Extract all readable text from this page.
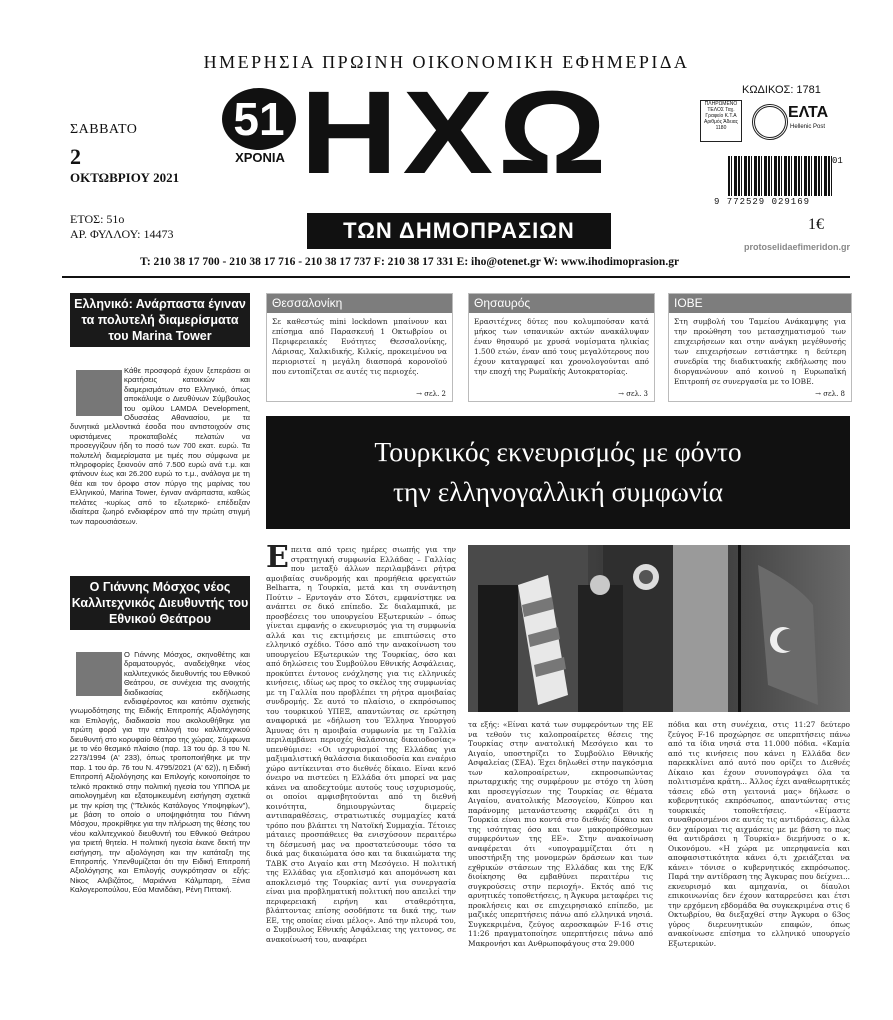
ΗΜΕΡΗΣΙΑ ΠΡΩΙΝΗ ΟΙΚΟΝΟΜΙΚΗ ΕΦΗΜΕΡΙΔΑ
ΣΑΒΒΑΤΟ
2
ΟΚΤΩΒΡΙΟΥ 2021
ΕΤΟΣ: 51ο
ΑΡ. ΦΥΛΛΟΥ: 14473
51
ΧΡΟΝΙΑ ΗΧΩ
ΤΩΝ ΔΗΜΟΠΡΑΣΙΩΝ
ΚΩΔΙΚΟΣ: 1781
ΠΛΗΡΩΜΕΝΟ ΤΕΛΟΣ Ταχ. Γραφείο Κ.Τ.Α Αριθμός Άδειας 1180
ΕΛΤΑ
Hellenic Post
01
9 772529 029169
1€
protoselidaefimeridon.gr
T: 210 38 17 700 - 210 38 17 716 - 210 38 17 737 F: 210 38 17 331 E: iho@otenet.gr W: www.ihodimoprasion.gr
Ελληνικό: Ανάρπαστα έγιναν τα πολυτελή διαμερίσματα του Marina Tower
Κάθε προσφορά έχουν ξεπεράσει οι κρατήσεις κατοικιών και διαμερισμάτων στο Ελληνικό, όπως αποκάλυψε ο Διευθύνων Σύμβουλος του ομίλου LAMDA Development, Οδυσσέας Αθανασίου, με τα δυνητικά μελλοντικά έσοδα που αντιστοιχούν στις υφιστάμενες προκαταβολές πελατών να προσεγγίζουν ήδη το ποσό των 700 εκατ. ευρώ. Τα πολυτελή διαμερίσματα με τιμές που σύμφωνα με πληροφορίες ξεκινούν από 7.500 ευρώ ανά τ.μ. και φτάνουν έως και 26.200 ευρώ το τ.μ., ανάλογα με τη θέα και τον όροφο στον πύργο της μαρίνας του Ελληνικού, Marina Tower, έγιναν ανάρπαστα, καθώς πελάτες -κυρίως από το εξωτερικό- επέδειξαν ιδιαίτερα ζωηρό ενδιαφέρον από την πρώτη στιγμή των παρουσιάσεων.
Ο Γιάννης Μόσχος νέος Καλλιτεχνικός Διευθυντής του Εθνικού Θεάτρου
Ο Γιάννης Μόσχος, σκηνοθέτης και δραματουργός, αναδείχθηκε νέος καλλιτεχνικός διευθυντής του Εθνικού Θεάτρου, σε συνέχεια της ανοιχτής διαδικασίας εκδήλωσης ενδιαφέροντος και κατόπιν σχετικής γνωμοδότησης της Ειδικής Επιτροπής Αξιολόγησης και Επιλογής, διαδικασία που ακολουθήθηκε για πρώτη φορά για την επιλογή του καλλιτεχνικού διευθυντή στο κορυφαίο θέατρο της χώρας. Σύμφωνα με το νέο θεσμικό πλαίσιο (παρ. 13 του άρ. 3 του Ν. 2273/1994 (Α' 233), όπως τροποποιήθηκε με την παρ. 1 του άρ. 76 του Ν. 4795/2021 (Α' 62)), η Ειδική Επιτροπή Αξιολόγησης και Επιλογής κοινοποίησε το τελικό πρακτικό στην πολιτική ηγεσία του ΥΠΠΟΑ με αιτιολογημένη και εξατομικευμένη εισήγηση σχετικά με την κρίση της ("Τελικός Κατάλογος Υποψηφίων"), με βάση το οποίο ο υποψηφιότητα του Γιάννη Μόσχου, προκρίθηκε για την πλήρωση της θέσης του νέου καλλιτεχνικού διευθυντή του Εθνικού Θεάτρου για τριετή θητεία. Η πολιτική ηγεσία έκανε δεκτή την εισήγηση, την αξιολόγηση και την κατάταξη της Επιτροπής. Υπενθυμίζεται ότι την Ειδική Επιτροπή Αξιολόγησης και Επιλογής συγκρότησαν οι εξής: Νίκος Αλιβιζάτος, Μαριάννα Κάλμπαρη, Ξένια Καλογεροπούλου, Εύα Μανιδάκη, Ρένη Πιττακή.
Θεσσαλονίκη
Σε καθεστώς mini lockdown μπαίνουν και επίσημα από Παρασκευή 1 Οκτωβρίου οι Περιφερειακές Ενότητες Θεσσαλονίκης, Λάρισας, Χαλκιδικής, Κιλκίς, προκειμένου να περιοριστεί η μεγάλη διασπορά κορονοϊού που εντοπίζεται σε αυτές τις περιοχές.
→ σελ. 2
Θησαυρός
Ερασιτέχνες δύτες που κολυμπούσαν κατά μήκος των ισπανικών ακτών ανακάλυψαν έναν θησαυρό με χρυσά νομίσματα ηλικίας 1.500 ετών, έναν από τους μεγαλύτερους που έχουν καταγραφεί και χρονολογούνται από την εποχή της Ρωμαϊκής Αυτοκρατορίας.
→ σελ. 3
ΙΟΒΕ
Στη συμβολή του Ταμείου Ανάκαμψης για την προώθηση του μετασχηματισμού των επιχειρήσεων και στην ανάγκη μεγέθυνσής των επιχειρήσεων εστιάστηκε η δεύτερη συνεδρία της διαδικτυακής εκδήλωσης που διοργανώνουν από κοινού η Ευρωπαϊκή Επιτροπή σε συνεργασία με το ΙΟΒΕ.
→ σελ. 8
Τουρκικός εκνευρισμός με φόντο
την ελληνογαλλική συμφωνία
Επειτα από τρεις ημέρες σιωπής για την στρατηγική συμφωνία Ελλάδας – Γαλλίας που μεταξύ άλλων περιλαμβάνει ρήτρα αμοιβαίας συνδρομής και προμήθεια φρεγατών Belharra, η Τουρκία, μετά και τη συνάντηση Πούτιν – Ερντογάν στο Σότσι, εμφανίστηκε να ανάπτει σε δικό επίπεδο. Σε διαλαμπικά, με προσβέσεις του υπουργείου Εξωτερικών – όπως γίνεται εμφανής ο εκνευρισμός για τη συμφωνία αλλά και τις εκτιμήσεις με επιπτώσεις στο ελληνικό σχέδιο. Τόσο από την ανακοίνωση του υπουργείου Εξωτερικών της Τουρκίας, όσο και από δηλώσεις του Συμβούλου Εθνικής Ασφάλειας, προκύπτει έντονος ενόχλησης για τις ελληνικές κινήσεις, ιδίως ως προς το σκέλος της συμφωνίας με τη Γαλλία που προβλέπει τη ρήτρα αμοιβαίας συνδρομής. Σε αυτό το πλαίσιο, ο εκπρόσωπος του τουρκικού ΥΠΕΞ, απαντώντας σε ερώτηση αναφορικά με «δήλωση του Έλληνα Υπουργού Άμυνας ότι η αμοιβαία συμφωνία με τη Γαλλία περιλαμβάνει περιοχές θαλάσσιας δικαιοδοσίας» υπενθύμισε: «Οι ισχυρισμοί της Ελλάδας για μαξιμαλιστική θαλάσσια δικαιοδοσία και εναέριο χώρο αντίκεινται στο διεθνές δίκαιο. Είναι κενό όνειρο να πιστεύει η Ελλάδα ότι μπορεί να μας κάνει να αποδεχτούμε αυτούς τους ισχυρισμούς, οι οποίοι αμφισβητούνται από τη διεθνή κοινότητα, δημιουργώντας διμερείς αντιπαραθέσεις, στρατιωτικές συμμαχίες κατά τρόπο που βλάπτει τη Νατοϊκή Συμμαχία. Τέτοιες μάταιες προσπάθειες θα ενισχύσουν περαιτέρω τη δέσμευσή μας να προστατεύσουμε τόσο τα δικά μας δικαιώματα όσο και τα δικαιώματα της ΤΔΒΚ στο Αιγαίο και στη Μεσόγειο. Η πολιτική της Ελλάδας για εξοπλισμό και απομόνωση και αποκλεισμό της Τουρκίας αντί για συνεργασία είναι μια προβληματική πολιτική που απειλεί την περιφερειακή ειρήνη και σταθερότητα, βλάπτοντας επίσης οσοδήποτε τα δικά της, των ΕΕ, της οποίας είναι μέλος». Από την πλευρά του, ο Συμβουλος Εθνικής Ασφάλειας της γειτονος, σε ανακοίνωσή του, αναφέρει
τα εξής: «Είναι κατά των συμφερόντων της ΕΕ να τεθούν τις καλοπροαίρετες θέσεις της Τουρκίας στην ανατολική Μεσόγειο και το Αιγαίο, υποστηρίζει το Συμβούλιο Εθνικής Ασφαλείας (ΣΕΑ). Έχει δηλωθεί στην παγκόσμια των καλοπροαίρετων, εκπροσωπώντας πρωταρχικής της συμφέρουν με στόχο τη λύση και προσεγγίσεων της Τουρκίας σε θέματα Αιγαίου, ανατολικής Μεσογείου, Κύπρου και παράνομης μετανάστευσης εκφράζει ότι η Τουρκία είναι πιο κοντά στο διεθνές δίκαιο και της ισότητας όσο και των μακροπρόθεσμων συμφερόντων της ΕΕ». Στην ανακοίνωση αναφέρεται ότι «υπογραμμίζεται ότι η υποστήριξη της μονομερών δράσεων και των εχθρικών στάσεων της Ελλάδας και της Ε/Κ διοίκησης θα εμβαθύνει περαιτέρω τις συγκρούσεις στην περιοχή». Εκτός από τις αρνητικές τοποθετήσεις, η Άγκυρα μεταφέρει τις προκλήσεις και σε επιχειρησιακό επίπεδο, με μαζικές υπερπτήσεις πάνω από ελληνικά νησιά. Συγκεκριμένα, ζεύγος αεροσκαφών F-16 στις 11:26 πραγματοποίησε υπερπτήσεις πάνω από Μακρονήσι και Ανθρωποφάγους στα 29.000
πόδια και στη συνέχεια, στις 11:27 δεύτερο ζεύγος F-16 προχώρησε σε υπερπτήσεις πάνω από τα ίδια νησιά στα 11.000 πόδια. «Καμία από τις κινήσεις που κάνει η Ελλάδα δεν παρεκκλίνει από αυτό που ορίζει το Διεθνές Δίκαιο και έχουν συνυπογράψει όλα τα πολιτισμένα κράτη... Άλλος έχει αναθεωρητικές τάσεις εδώ στη γειτονιά μας» δήλωσε ο κυβερνητικός εκπρόσωπος, απαντώντας στις τουρκικές τοποθετήσεις. «Είμαστε συναθροισμένοι σε αυτές τις αντιδράσεις, άλλα δεν χαίρομαι τις αιχμάσεις με με βάση το πως θα αντιδράσει η Τουρκία» διεμήνυσε ο κ. Οικονόμου. «Η χώρα με υπερηφανεία και αποφασιστικότητα κάνει ό,τι χρειάζεται να κάνει» τόνισε ο κυβερνητικός εκπρόσωπος. Παρά την αντίδραση της Άγκυρας που δείχνει... εκνευρισμό και αμηχανία, οι δίαυλοι επικοινωνίας δεν έχουν καταρρεύσει και έτσι την ερχόμενη εβδομάδα θα συγκεκριμένα στις 6 Οκτωβρίου, θα διεξαχθεί στην Άγκυρα ο 63ος γύρος διερευνητικών επαφών, όπως ανακοίνωσε επίσημα το ελληνικό υπουργείο Εξωτερικών.
